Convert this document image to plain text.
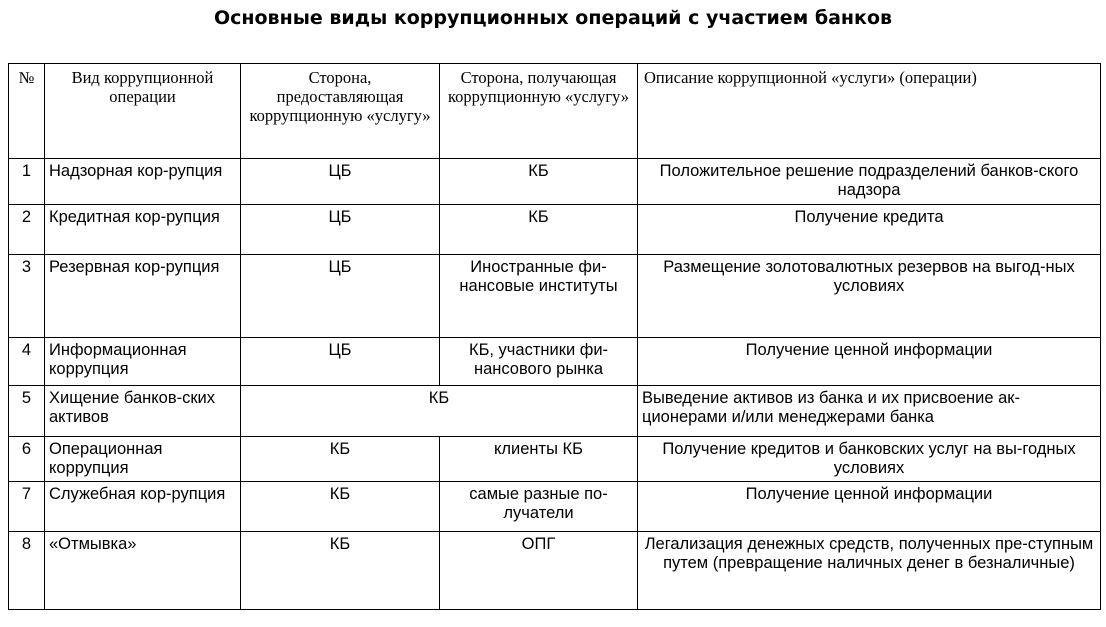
Основные виды коррупционных операций с участием банков
№	Вид коррупционной операции	Сторона, предоставляющая коррупционную «услугу»	Сторона, получающая коррупционную «услугу»	Описание коррупционной «услуги» (операции)
1	Надзорная кор-рупция	ЦБ	КБ	Положительное решение подразделений банков-ского надзора
2	Кредитная кор-рупция	ЦБ	КБ	Получение кредита
3	Резервная кор-рупция	ЦБ	Иностранные фи-нансовые институты	Размещение золотовалютных резервов на выгод-ных условиях
4	Информационная коррупция	ЦБ	КБ, участники фи-нансового рынка	Получение ценной информации
5	Хищение банков-ских активов	КБ		Выведение активов из банка и их присвоение ак-ционерами и/или менеджерами банка
6	Операционная коррупция	КБ	клиенты КБ	Получение кредитов и банковских услуг на вы-годных условиях
7	Служебная кор-рупция	КБ	самые разные по-лучатели	Получение ценной информации
8	«Отмывка»	КБ	ОПГ	Легализация денежных средств, полученных пре-ступным путем (превращение наличных денег в безналичные)
